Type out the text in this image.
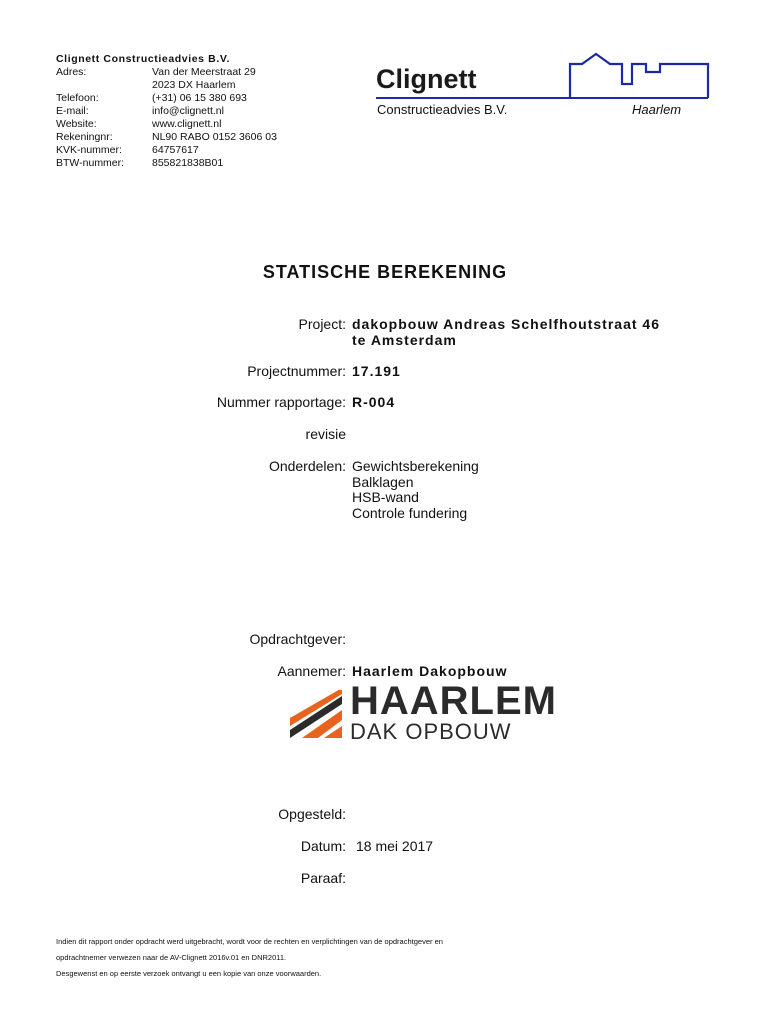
Clignett Constructieadvies B.V.
Adres:	Van der Meerstraat 29
2023 DX Haarlem
Telefoon:	(+31) 06 15 380 693
E-mail:	info@clignett.nl
Website:	www.clignett.nl
Rekeningnr:	NL90 RABO 0152 3606 03
KVK-nummer:	64757617
BTW-nummer:	855821838B01
Clignett
Constructieadvies B.V.	Haarlem
STATISCHE BEREKENING
Project: dakopbouw Andreas Schelfhoutstraat 46
te Amsterdam
Projectnummer: 17.191
Nummer rapportage: R-004
revisie
Onderdelen: Gewichtsberekening
Balklagen
HSB-wand
Controle fundering
Opdrachtgever:
Aannemer: Haarlem Dakopbouw
HAARLEM
DAK OPBOUW
Opgesteld:
Datum: 18 mei 2017
Paraaf:
Indien dit rapport onder opdracht werd uitgebracht, wordt voor de rechten en verplichtingen van de opdrachtgever en
opdrachtnemer verwezen naar de AV-Clignett 2016v.01 en DNR2011.
Desgewenst en op eerste verzoek ontvangt u een kopie van onze voorwaarden.
